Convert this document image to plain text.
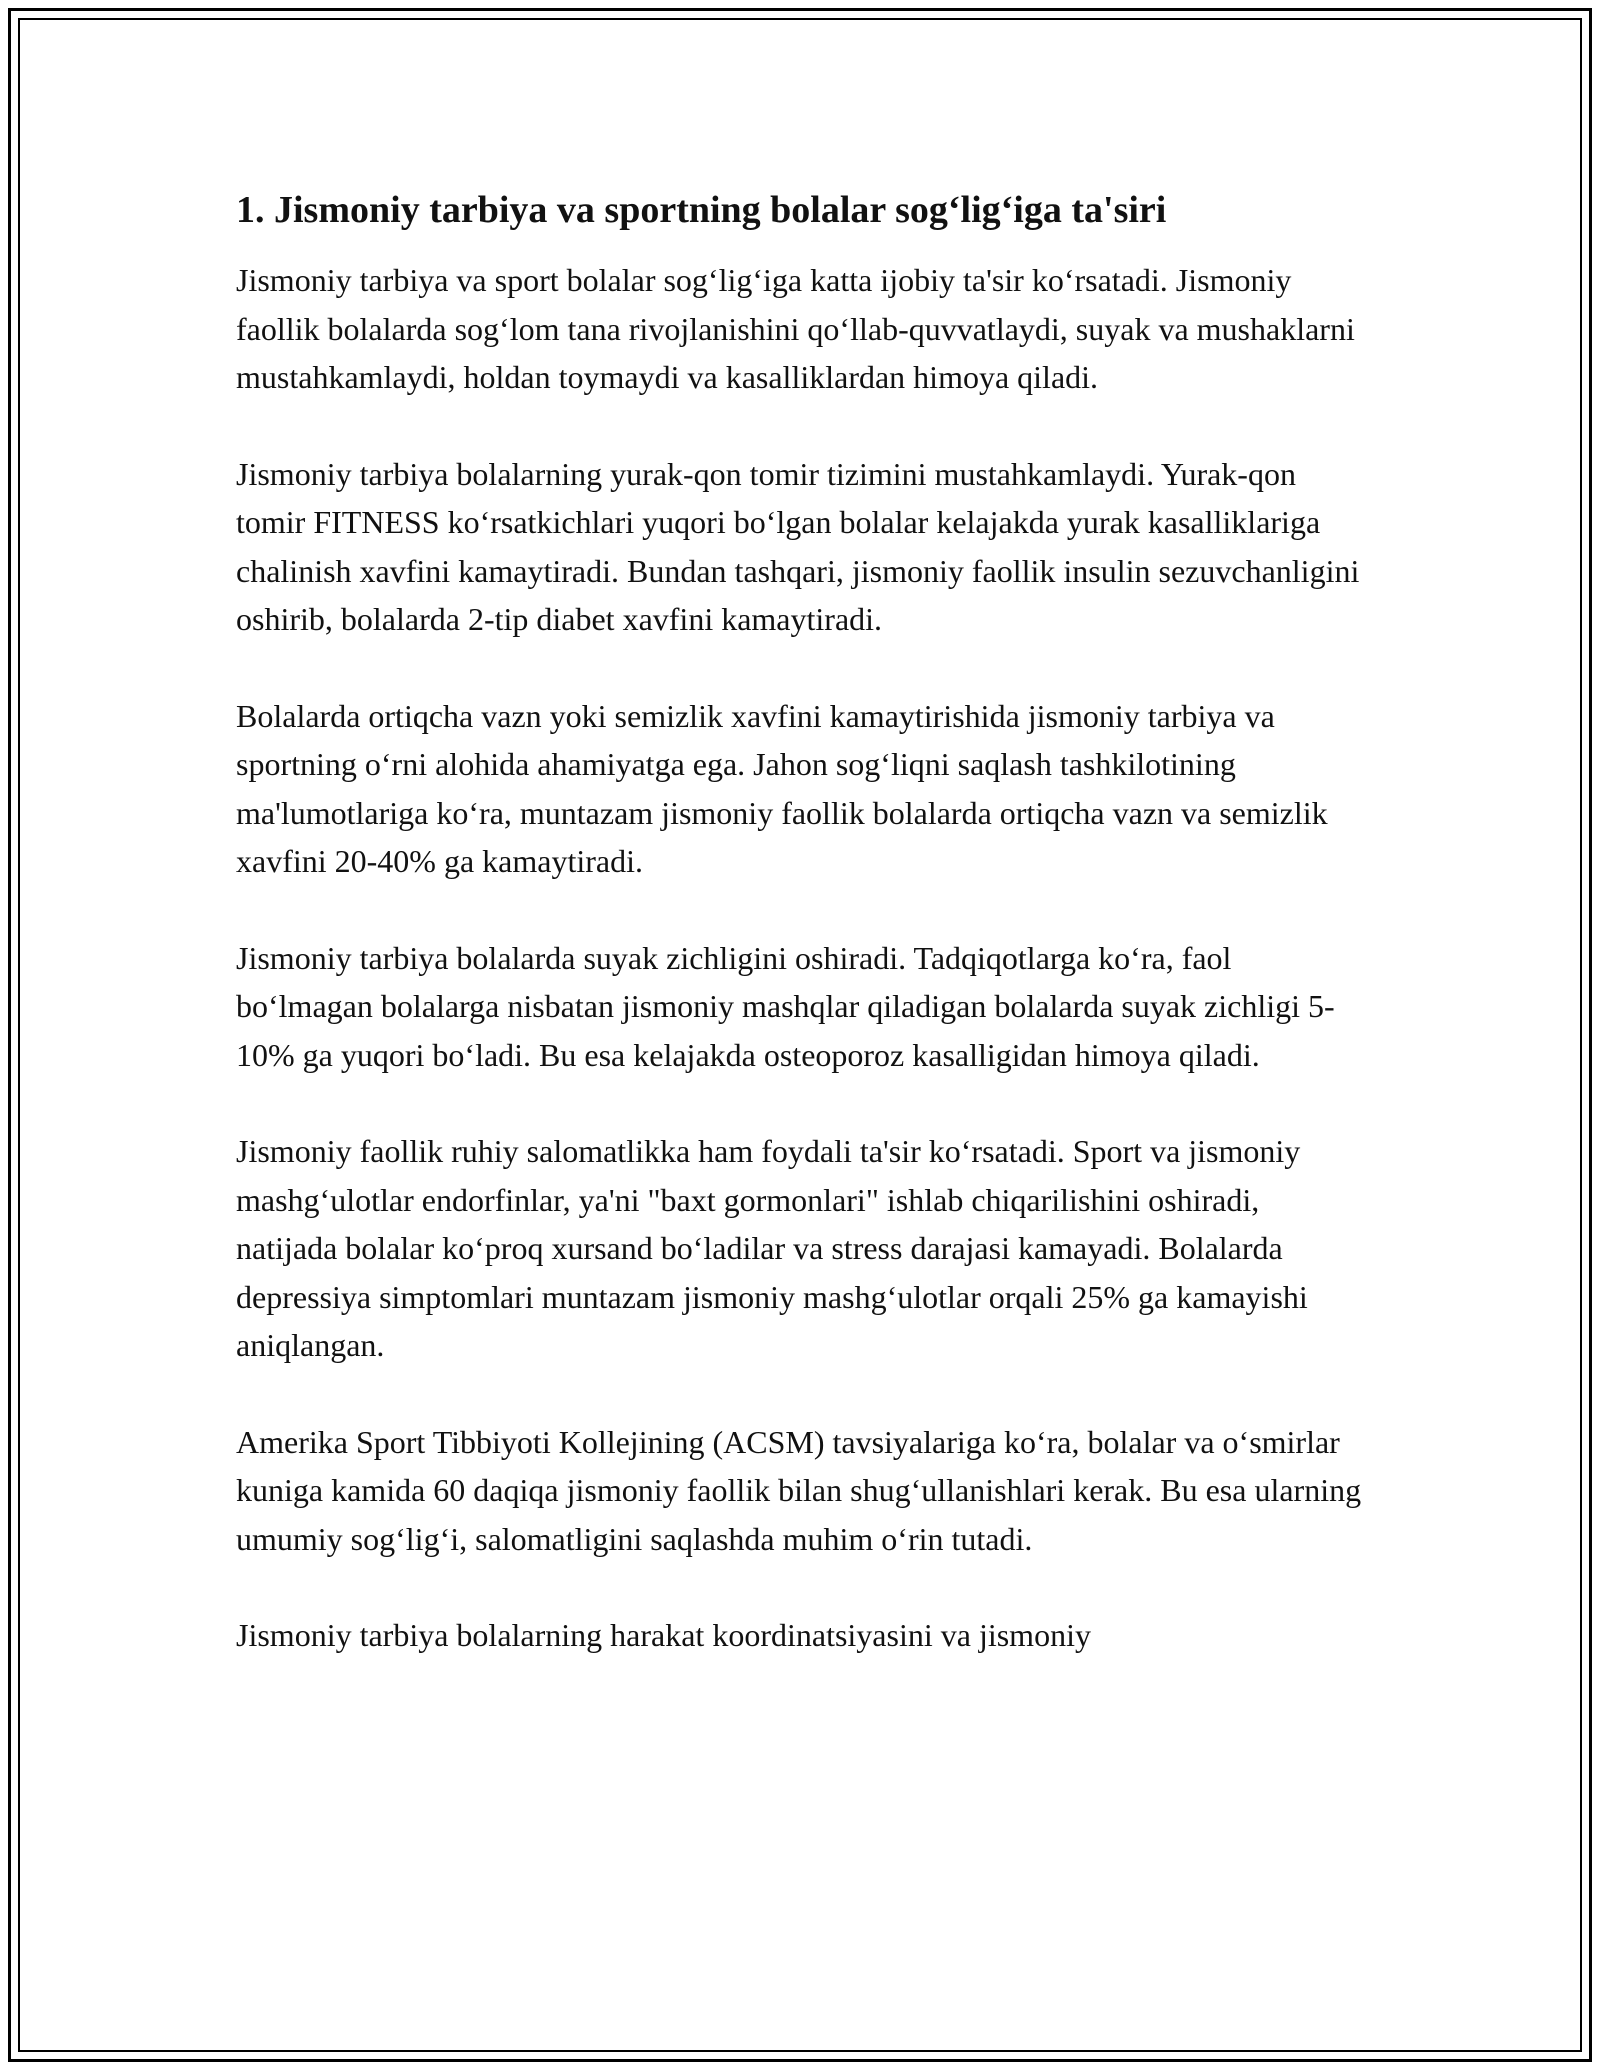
1. Jismoniy tarbiya va sportning bolalar sog‘lig‘iga ta'siri

Jismoniy tarbiya va sport bolalar sog‘lig‘iga katta ijobiy ta'sir ko‘rsatadi. Jismoniy faollik bolalarda sog‘lom tana rivojlanishini qo‘llab-quvvatlaydi, suyak va mushaklarni mustahkamlaydi, holdan toymaydi va kasalliklardan himoya qiladi.

Jismoniy tarbiya bolalarning yurak-qon tomir tizimini mustahkamlaydi. Yurak-qon tomir FITNESS ko‘rsatkichlari yuqori bo‘lgan bolalar kelajakda yurak kasalliklariga chalinish xavfini kamaytiradi. Bundan tashqari, jismoniy faollik insulin sezuvchanligini oshirib, bolalarda 2-tip diabet xavfini kamaytiradi.

Bolalarda ortiqcha vazn yoki semizlik xavfini kamaytirishida jismoniy tarbiya va sportning o‘rni alohida ahamiyatga ega. Jahon sog‘liqni saqlash tashkilotining ma'lumotlariga ko‘ra, muntazam jismoniy faollik bolalarda ortiqcha vazn va semizlik xavfini 20-40% ga kamaytiradi.

Jismoniy tarbiya bolalarda suyak zichligini oshiradi. Tadqiqotlarga ko‘ra, faol bo‘lmagan bolalarga nisbatan jismoniy mashqlar qiladigan bolalarda suyak zichligi 5-10% ga yuqori bo‘ladi. Bu esa kelajakda osteoporoz kasalligidan himoya qiladi.

Jismoniy faollik ruhiy salomatlikka ham foydali ta'sir ko‘rsatadi. Sport va jismoniy mashg‘ulotlar endorfinlar, ya'ni "baxt gormonlari" ishlab chiqarilishini oshiradi, natijada bolalar ko‘proq xursand bo‘ladilar va stress darajasi kamayadi. Bolalarda depressiya simptomlari muntazam jismoniy mashg‘ulotlar orqali 25% ga kamayishi aniqlangan.

Amerika Sport Tibbiyoti Kollejining (ACSM) tavsiyalariga ko‘ra, bolalar va o‘smirlar kuniga kamida 60 daqiqa jismoniy faollik bilan shug‘ullanishlari kerak. Bu esa ularning umumiy sog‘lig‘i, salomatligini saqlashda muhim o‘rin tutadi.

Jismoniy tarbiya bolalarning harakat koordinatsiyasini va jismoniy
